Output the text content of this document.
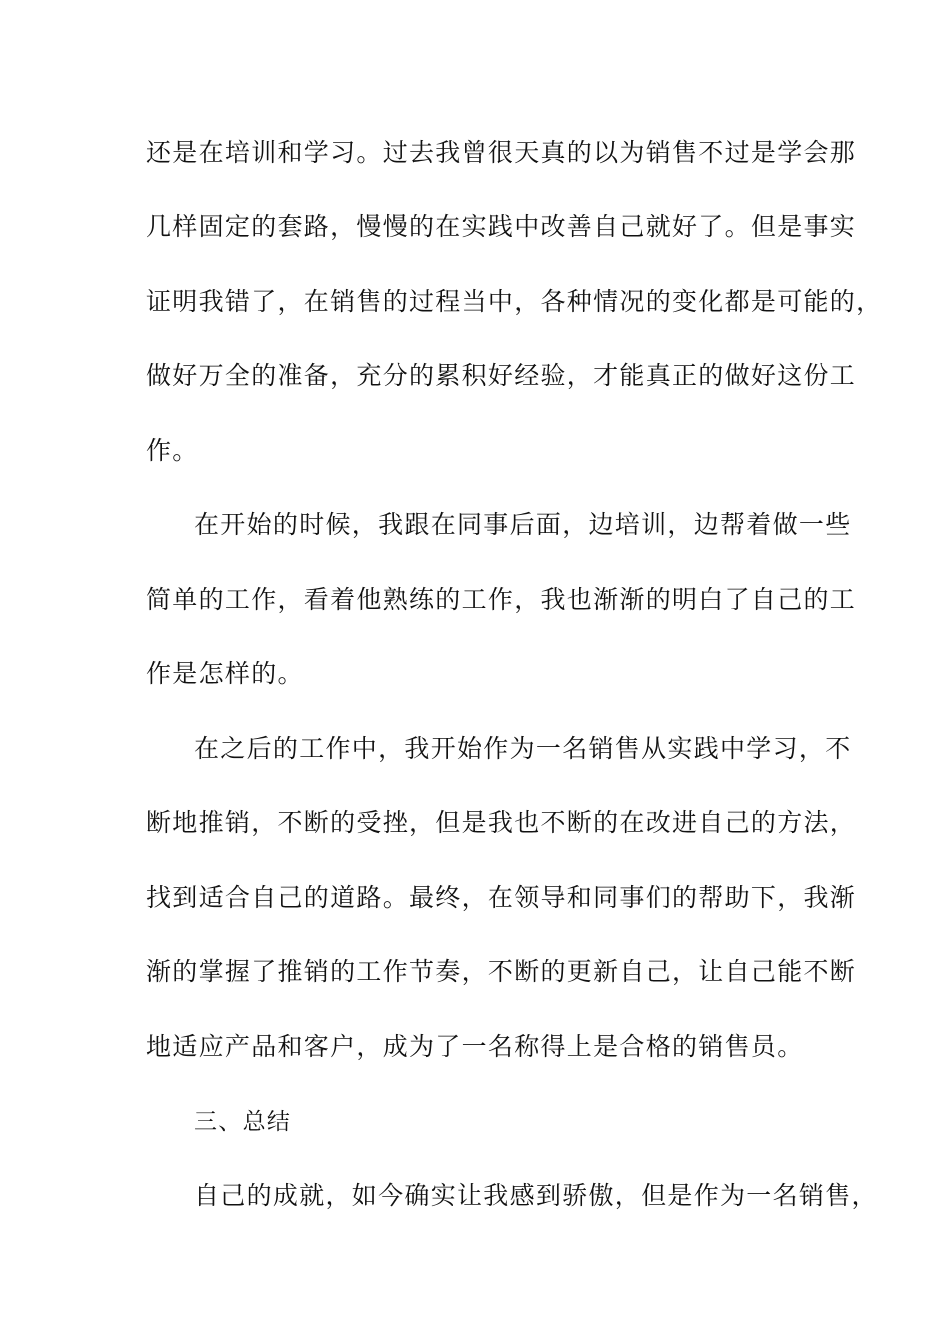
还是在培训和学习。过去我曾很天真的以为销售不过是学会那
几样固定的套路，慢慢的在实践中改善自己就好了。但是事实
证明我错了，在销售的过程当中，各种情况的变化都是可能的，
做好万全的准备，充分的累积好经验，才能真正的做好这份工
作。
在开始的时候，我跟在同事后面，边培训，边帮着做一些
简单的工作，看着他熟练的工作，我也渐渐的明白了自己的工
作是怎样的。
在之后的工作中，我开始作为一名销售从实践中学习，不
断地推销，不断的受挫，但是我也不断的在改进自己的方法，
找到适合自己的道路。最终，在领导和同事们的帮助下，我渐
渐的掌握了推销的工作节奏，不断的更新自己，让自己能不断
地适应产品和客户，成为了一名称得上是合格的销售员。
三、总结
自己的成就，如今确实让我感到骄傲，但是作为一名销售，
